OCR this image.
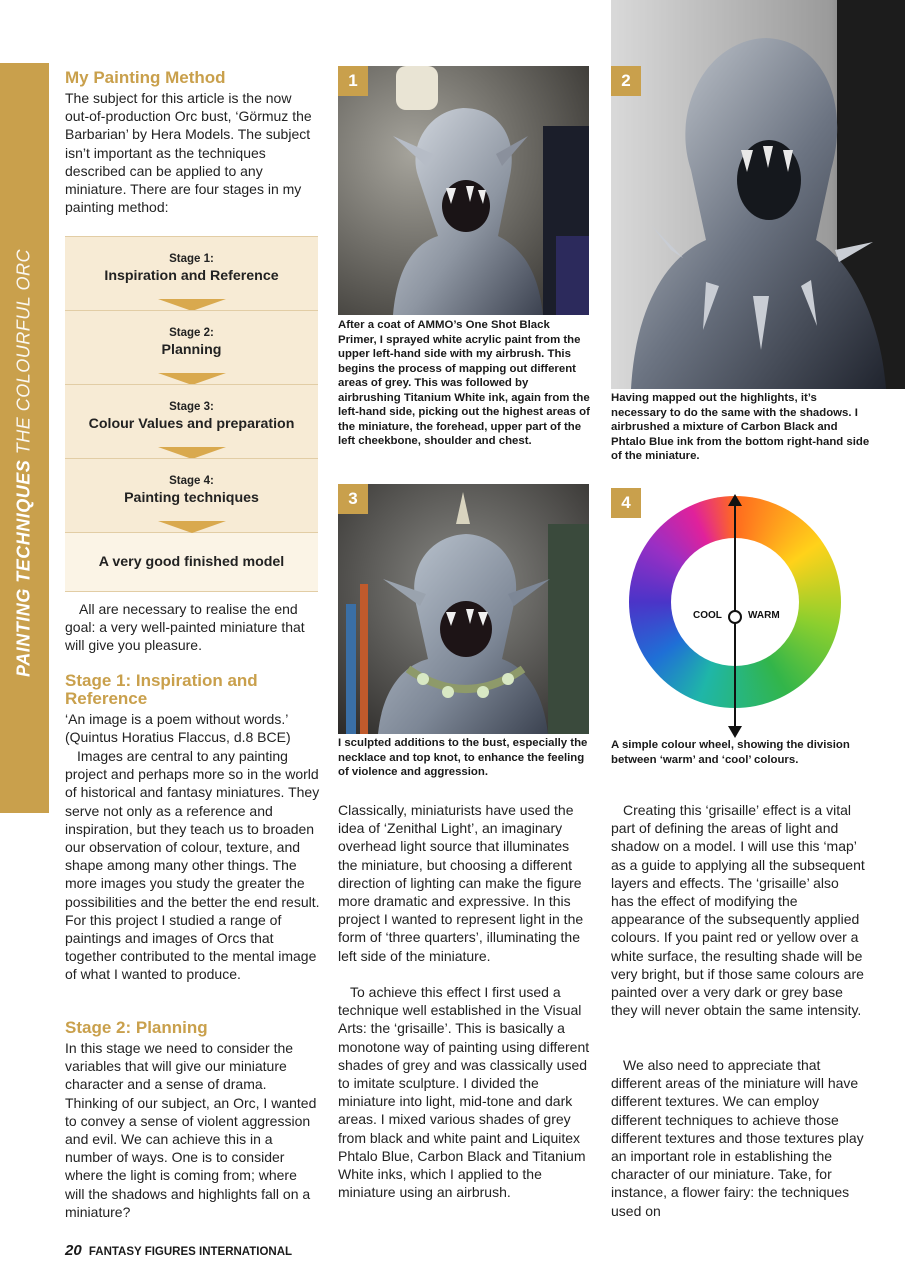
PAINTING TECHNIQUES THE COLOURFUL ORC
My Painting Method

The subject for this article is the now out-of-production Orc bust, ‘Görmuz the Barbarian’ by Hera Models. The subject isn’t important as the techniques described can be applied to any miniature. There are four stages in my painting method:

Stage 1:
Inspiration and Reference
Stage 2:
Planning
Stage 3:
Colour Values and preparation
Stage 4:
Painting techniques
A very good finished model

All are necessary to realise the end goal: a very well-painted miniature that will give you pleasure.

Stage 1: Inspiration and Reference

‘An image is a poem without words.’ (Quintus Horatius Flaccus, d.8 BCE)

Images are central to any painting project and perhaps more so in the world of historical and fantasy miniatures. They serve not only as a reference and inspiration, but they teach us to broaden our observation of colour, texture, and shape among many other things. The more images you study the greater the possibilities and the better the end result. For this project I studied a range of paintings and images of Orcs that together contributed to the mental image of what I wanted to produce.

Stage 2: Planning

In this stage we need to consider the variables that will give our miniature character and a sense of drama. Thinking of our subject, an Orc, I wanted to convey a sense of violent aggression and evil. We can achieve this in a number of ways. One is to consider where the light is coming from; where will the shadows and highlights fall on a miniature?

1

After a coat of AMMO’s One Shot Black Primer, I sprayed white acrylic paint from the upper left-hand side with my airbrush. This begins the process of mapping out different areas of grey. This was followed by airbrushing Titanium White ink, again from the left-hand side, picking out the highest areas of the miniature, the forehead, upper part of the left cheekbone, shoulder and chest.

2

Having mapped out the highlights, it’s necessary to do the same with the shadows. I airbrushed a mixture of Carbon Black and Phtalo Blue ink from the bottom right-hand side of the miniature.

3

I sculpted additions to the bust, especially the necklace and top knot, to enhance the feeling of violence and aggression.

COOL	WARM
4

A simple colour wheel, showing the division between ‘warm’ and ‘cool’ colours.

Classically, miniaturists have used the idea of ‘Zenithal Light’, an imaginary overhead light source that illuminates the miniature, but choosing a different direction of lighting can make the figure more dramatic and expressive. In this project I wanted to represent light in the form of ‘three quarters’, illuminating the left side of the miniature.

To achieve this effect I first used a technique well established in the Visual Arts: the ‘grisaille’. This is basically a monotone way of painting using different shades of grey and was classically used to imitate sculpture. I divided the miniature into light, mid-tone and dark areas. I mixed various shades of grey from black and white paint and Liquitex Phtalo Blue, Carbon Black and Titanium White inks, which I applied to the miniature using an airbrush.

Creating this ‘grisaille’ effect is a vital part of defining the areas of light and shadow on a model. I will use this ‘map’ as a guide to applying all the subsequent layers and effects. The ‘grisaille’ also has the effect of modifying the appearance of the subsequently applied colours. If you paint red or yellow over a white surface, the resulting shade will be very bright, but if those same colours are painted over a very dark or grey base they will never obtain the same intensity.

We also need to appreciate that different areas of the miniature will have different textures. We can employ different techniques to achieve those different textures and those textures play an important role in establishing the character of our miniature. Take, for instance, a flower fairy: the techniques used on

20 FANTASY FIGURES INTERNATIONAL
